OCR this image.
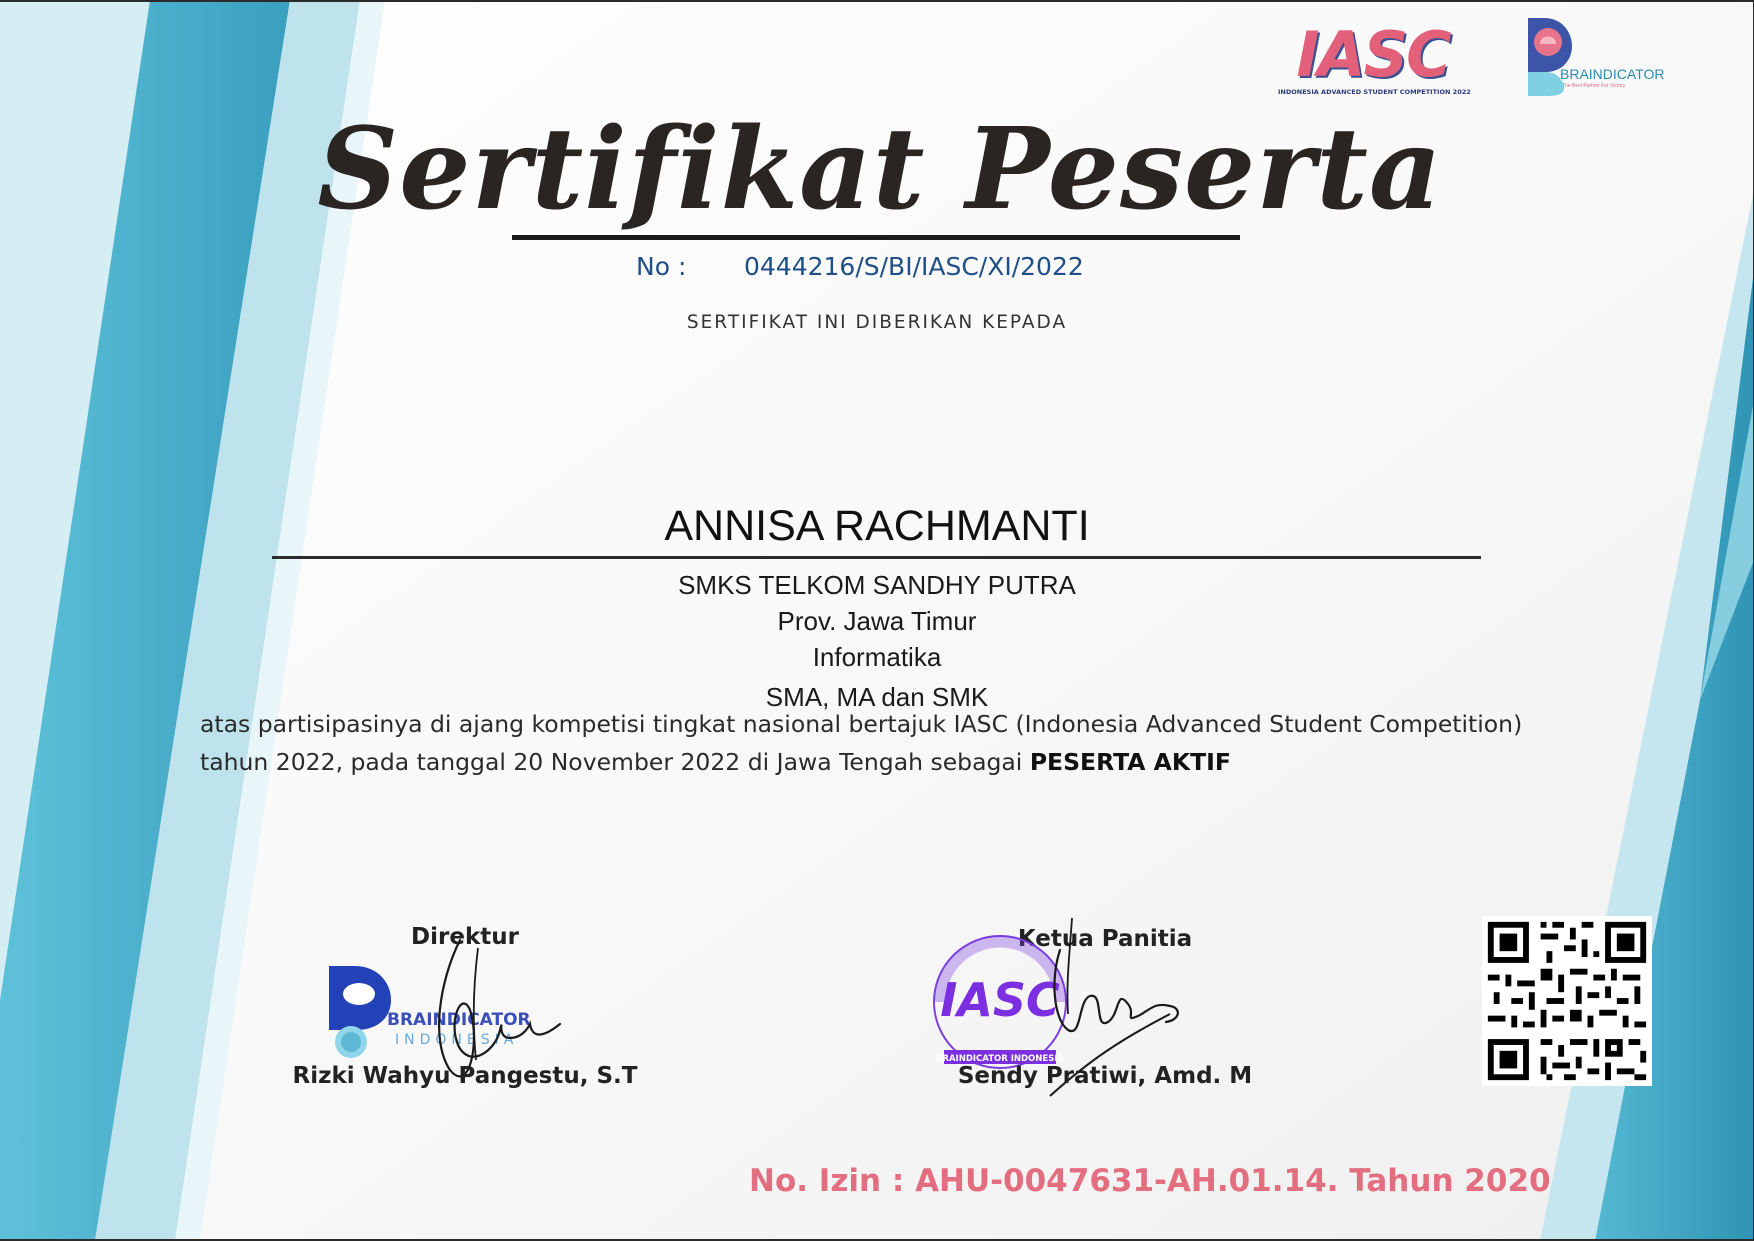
IASC
INDONESIA ADVANCED STUDENT COMPETITION 2022
BRAINDICATOR
The Best Partner For Victory
Sertifikat Peserta
No : 0444216/S/BI/IASC/XI/2022
SERTIFIKAT INI DIBERIKAN KEPADA
ANNISA RACHMANTI
SMKS TELKOM SANDHY PUTRA
Prov. Jawa Timur
Informatika
SMA, MA dan SMK
atas partisipasinya di ajang kompetisi tingkat nasional bertajuk IASC (Indonesia Advanced Student Competition)
tahun 2022, pada tanggal 20 November 2022 di Jawa Tengah sebagai PESERTA AKTIF
Direktur
BRAINDICATOR
INDONESIA
Rizki Wahyu Pangestu, S.T
Ketua Panitia
IASC
BRAINDICATOR INDONESIA
Sendy Pratiwi, Amd. M
No. Izin : AHU-0047631-AH.01.14. Tahun 2020
